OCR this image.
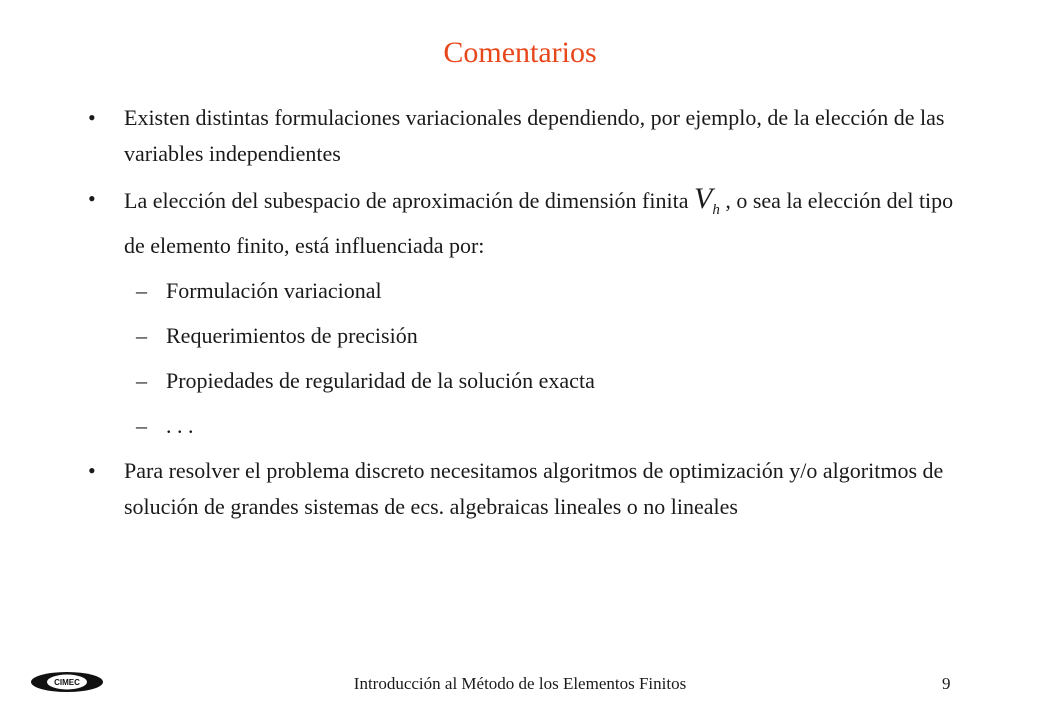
Comentarios
• Existen distintas formulaciones variacionales dependiendo, por ejemplo, de la elección de las variables independientes
• La elección del subespacio de aproximación de dimensión finita $V_h$ , o sea la elección del tipo de elemento finito, está influenciada por:
– Formulación variacional
– Requerimientos de precisión
– Propiedades de regularidad de la solución exacta
– . . .
• Para resolver el problema discreto necesitamos algoritmos de optimización y/o algoritmos de solución de grandes sistemas de ecs. algebraicas lineales o no lineales
CIMEC	Introducción al Método de los Elementos Finitos	9
